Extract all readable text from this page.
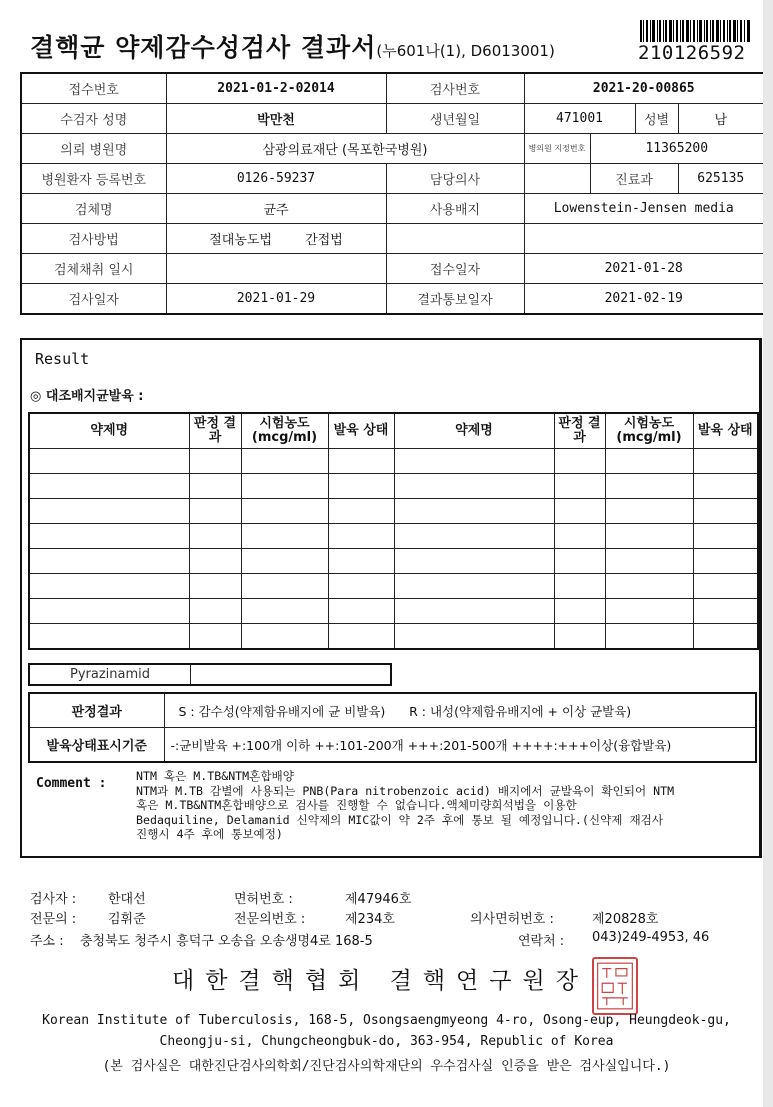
결핵균 약제감수성검사 결과서(누601나(1), D6013001)	210126592
접수번호	2021-01-2-02014	검사번호	2021-20-00865			
수검자 성명	박만천	생년월일	471001		성별	남
의뢰 병원명	삼광의료재단 (목포한국병원)		병의원 지정번호	11365200		
병원환자 등록번호	0126-59237	담당의사		진료과		625135
검체명	균주	사용배지	Lowenstein-Jensen media			
검사방법	절대농도법 간접법					
검체채취 일시		접수일자	2021-01-28			
검사일자	2021-01-29	결과통보일자	2021-02-19			
Result
◎ 대조배지균발육 :
약제명	판정 결과	시험농도 (mcg/ml)	발육 상태	약제명	판정 결과	시험농도 (mcg/ml)	발육 상태

Pyrazinamid
판정결과	S : 감수성(약제함유배지에 균 비발육) R : 내성(약제함유배지에 + 이상 균발육)
발육상태표시기준	-:균비발육 +:100개 이하 ++:101-200개 +++:201-500개 ++++:+++이상(융합발육)
Comment :	NTM 혹은 M.TB&NTM혼합배양
NTM과 M.TB 감별에 사용되는 PNB(Para nitrobenzoic acid) 배지에서 균발육이 확인되어 NTM
혹은 M.TB&NTM혼합배양으로 검사를 진행할 수 없습니다.액체미량희석법을 이용한
Bedaquiline, Delamanid 신약제의 MIC값이 약 2주 후에 통보 될 예정입니다.(신약제 재검사
진행시 4주 후에 통보예정)
검사자 : 한대선	면허번호 :	제47946호
전문의 : 김휘준	전문의번호 :	제234호	의사면허번호 :	제20828호
주소 : 충청북도 청주시 흥덕구 오송읍 오송생명4로 168-5	연락처 : 043)249-4953, 46
대한결핵협회 결핵연구원장
Korean Institute of Tuberculosis, 168-5, Osongsaengmyeong 4-ro, Osong-eup, Heungdeok-gu,
Cheongju-si, Chungcheongbuk-do, 363-954, Republic of Korea
(본 검사실은 대한진단검사의학회/진단검사의학재단의 우수검사실 인증을 받은 검사실입니다.)
